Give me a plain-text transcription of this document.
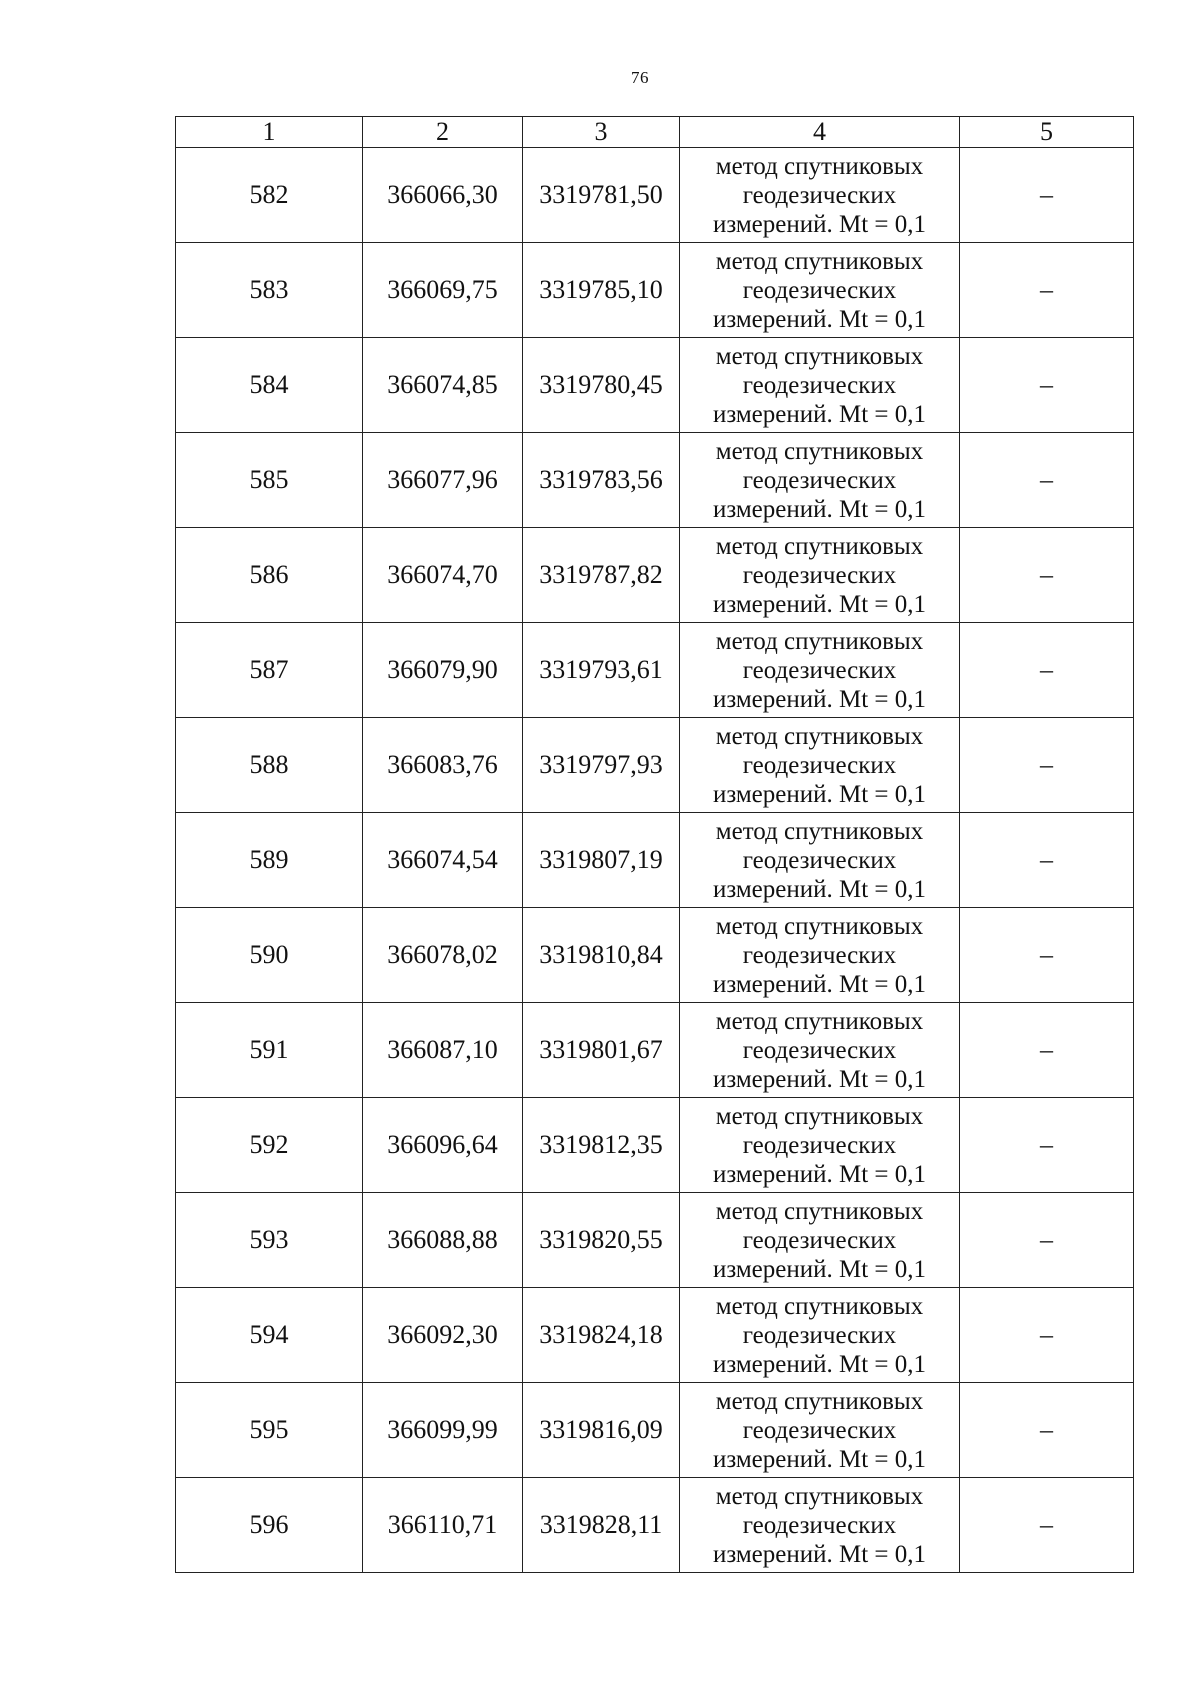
76
1	2	3	4	5
582	366066,30	3319781,50	метод спутниковых
геодезических
измерений. Mt = 0,1	–
583	366069,75	3319785,10	метод спутниковых
геодезических
измерений. Mt = 0,1	–
584	366074,85	3319780,45	метод спутниковых
геодезических
измерений. Mt = 0,1	–
585	366077,96	3319783,56	метод спутниковых
геодезических
измерений. Mt = 0,1	–
586	366074,70	3319787,82	метод спутниковых
геодезических
измерений. Mt = 0,1	–
587	366079,90	3319793,61	метод спутниковых
геодезических
измерений. Mt = 0,1	–
588	366083,76	3319797,93	метод спутниковых
геодезических
измерений. Mt = 0,1	–
589	366074,54	3319807,19	метод спутниковых
геодезических
измерений. Mt = 0,1	–
590	366078,02	3319810,84	метод спутниковых
геодезических
измерений. Mt = 0,1	–
591	366087,10	3319801,67	метод спутниковых
геодезических
измерений. Mt = 0,1	–
592	366096,64	3319812,35	метод спутниковых
геодезических
измерений. Mt = 0,1	–
593	366088,88	3319820,55	метод спутниковых
геодезических
измерений. Mt = 0,1	–
594	366092,30	3319824,18	метод спутниковых
геодезических
измерений. Mt = 0,1	–
595	366099,99	3319816,09	метод спутниковых
геодезических
измерений. Mt = 0,1	–
596	366110,71	3319828,11	метод спутниковых
геодезических
измерений. Mt = 0,1	–
